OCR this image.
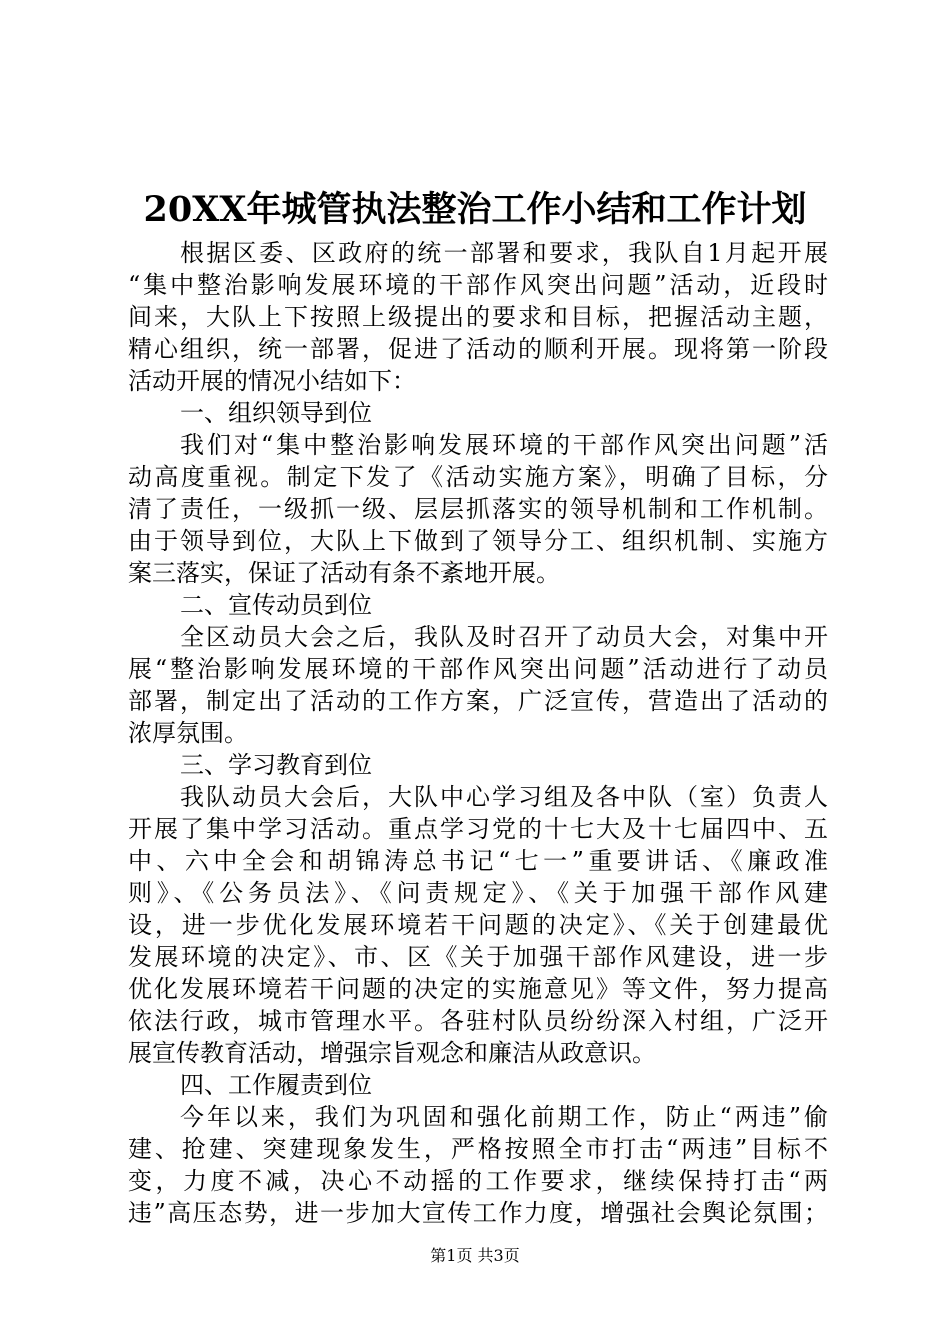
20XX年城管执法整治工作小结和工作计划
根据区委、区政府的统一部署和要求，我队自1月起开展
“集中整治影响发展环境的干部作风突出问题”活动，近段时
间来，大队上下按照上级提出的要求和目标，把握活动主题，
精心组织，统一部署，促进了活动的顺利开展。现将第一阶段
活动开展的情况小结如下：
一、组织领导到位
我们对“集中整治影响发展环境的干部作风突出问题”活
动高度重视。制定下发了《活动实施方案》，明确了目标，分
清了责任，一级抓一级、层层抓落实的领导机制和工作机制。
由于领导到位，大队上下做到了领导分工、组织机制、实施方
案三落实，保证了活动有条不紊地开展。
二、宣传动员到位
全区动员大会之后，我队及时召开了动员大会，对集中开
展“整治影响发展环境的干部作风突出问题”活动进行了动员
部署，制定出了活动的工作方案，广泛宣传，营造出了活动的
浓厚氛围。
三、学习教育到位
我队动员大会后，大队中心学习组及各中队（室）负责人
开展了集中学习活动。重点学习党的十七大及十七届四中、五
中、六中全会和胡锦涛总书记“七一”重要讲话、《廉政准
则》、《公务员法》、《问责规定》、《关于加强干部作风建
设，进一步优化发展环境若干问题的决定》、《关于创建最优
发展环境的决定》、市、区《关于加强干部作风建设，进一步
优化发展环境若干问题的决定的实施意见》等文件，努力提高
依法行政，城市管理水平。各驻村队员纷纷深入村组，广泛开
展宣传教育活动，增强宗旨观念和廉洁从政意识。
四、工作履责到位
今年以来，我们为巩固和强化前期工作，防止“两违”偷
建、抢建、突建现象发生，严格按照全市打击“两违”目标不
变，力度不减，决心不动摇的工作要求，继续保持打击“两
违”高压态势，进一步加大宣传工作力度，增强社会舆论氛围；
第1页 共3页
